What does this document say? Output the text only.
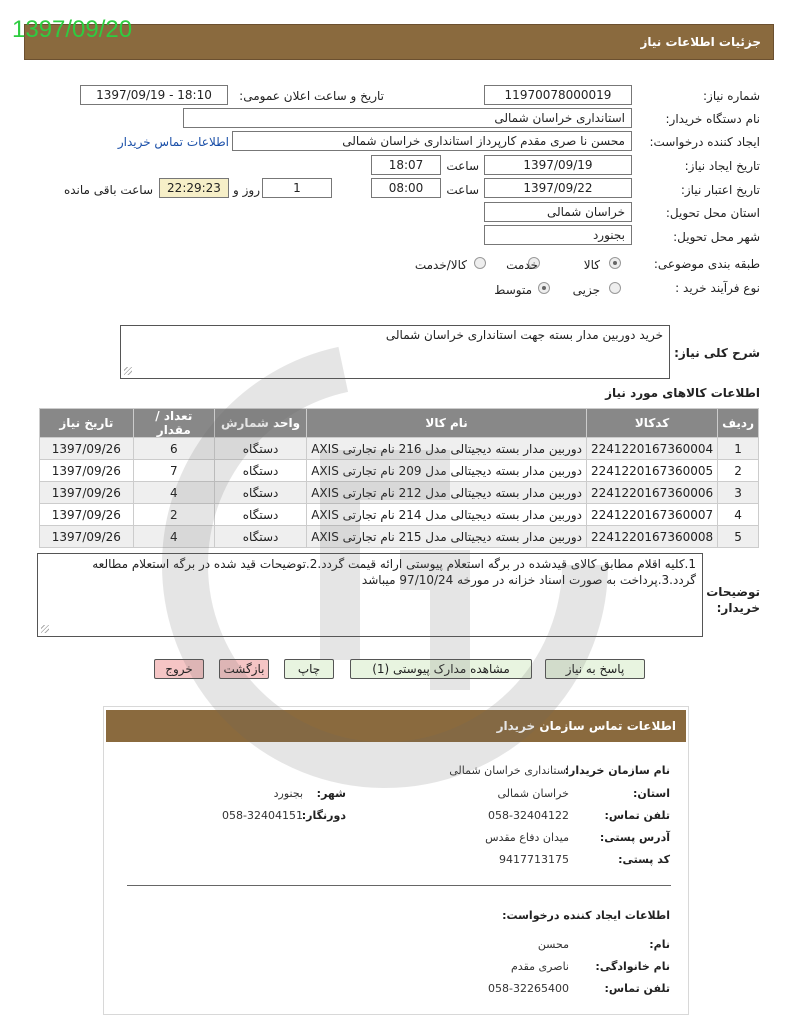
1397/09/20	جزئیات اطلاعات نیاز
شماره نیاز:
11970078000019
تاریخ و ساعت اعلان عمومی:
1397/09/19 - 18:10
نام دستگاه خریدار:
استانداری خراسان شمالی
ایجاد کننده درخواست:
محسن نا صری مقدم کارپرداز استانداری خراسان شمالی
اطلاعات تماس خریدار
تاریخ ایجاد نیاز:
1397/09/19
ساعت
18:07
تاریخ اعتبار نیاز:
1397/09/22
ساعت
08:00
1
روز و
22:29:23
ساعت باقی مانده
استان محل تحویل:
خراسان شمالی
شهر محل تحویل:
بجنورد
طبقه بندی موضوعی:
کالا
خدمت
کالا/خدمت
نوع فرآیند خرید :
جزیی
متوسط
شرح کلی نیاز:
خرید دوربین مدار بسته جهت استانداری خراسان شمالی
اطلاعات کالاهای مورد نیاز
ردیف	کدکالا	نام کالا	واحد شمارش	تعداد / مقدار	تاریخ نیاز
1	2241220167360004	دوربین مدار بسته دیجیتالی مدل 216 نام تجارتی AXIS	دستگاه	6	1397/09/26
2	2241220167360005	دوربین مدار بسته دیجیتالی مدل 209 نام تجارتی AXIS	دستگاه	7	1397/09/26
3	2241220167360006	دوربین مدار بسته دیجیتالی مدل 212 نام تجارتی AXIS	دستگاه	4	1397/09/26
4	2241220167360007	دوربین مدار بسته دیجیتالی مدل 214 نام تجارتی AXIS	دستگاه	2	1397/09/26
5	2241220167360008	دوربین مدار بسته دیجیتالی مدل 215 نام تجارتی AXIS	دستگاه	4	1397/09/26
توضیحات خریدار:
1.کلیه اقلام مطابق کالای قیدشده در برگه استعلام پیوستی ارائه قیمت گردد.2.توضیحات قید شده در برگه استعلام مطالعه گردد.3.پرداخت به صورت اسناد خزانه در مورخه 97/10/24 میباشد
پاسخ به نیاز
مشاهده مدارک پیوستی (1)
چاپ
بازگشت
خروج
اطلاعات تماس سازمان خریدار
نام سازمان خریدار:
استانداری خراسان شمالی
استان:
خراسان شمالی
شهر:
بجنورد
تلفن تماس:
058-32404122
دورنگار:
058-32404151
آدرس پستی:
میدان دفاع مقدس
کد پستی:
9417713175
اطلاعات ایجاد کننده درخواست:
نام:
محسن
نام خانوادگی:
ناصری مقدم
تلفن تماس:
058-32265400
